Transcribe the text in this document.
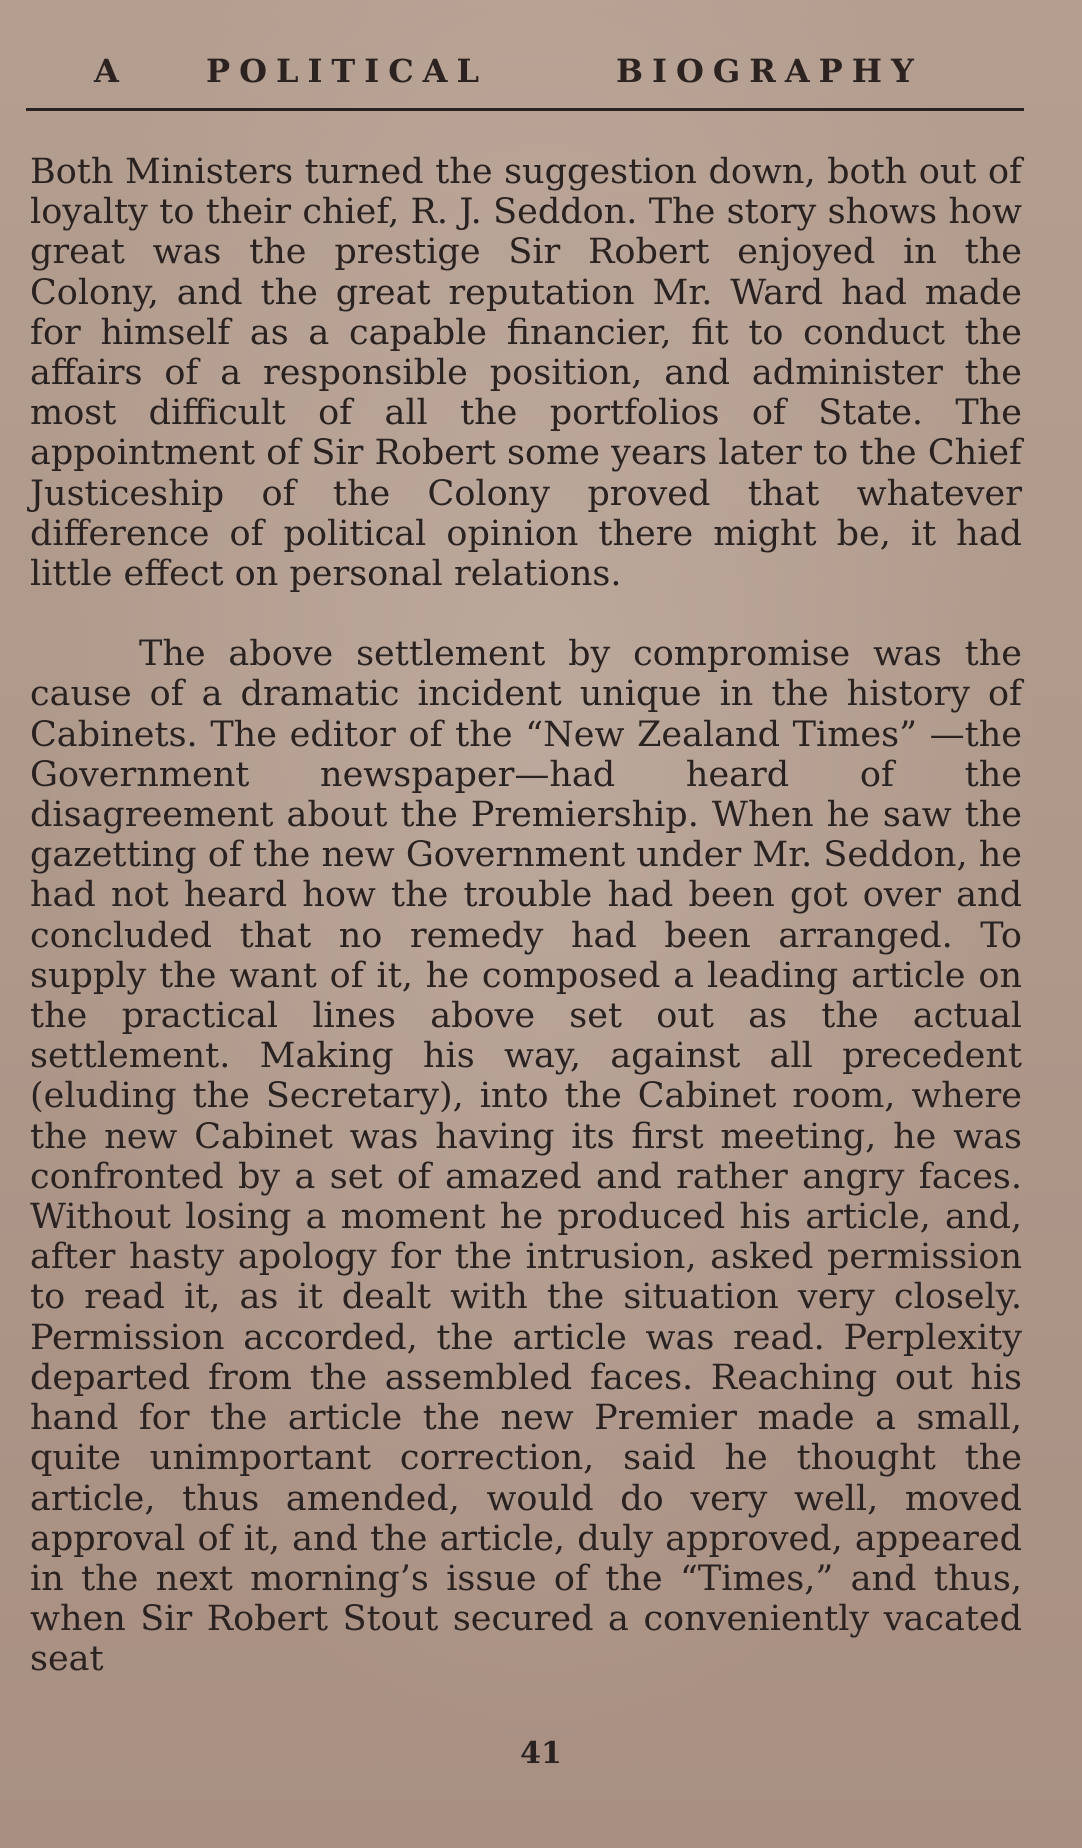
A POLITICAL	BIOGRAPHY

Both Ministers turned the suggestion down, both out of loyalty to their chief, R. J. Seddon. The story shows how great was the prestige Sir Robert enjoyed in the Colony, and the great reputation Mr. Ward had made for himself as a capable financier, fit to conduct the affairs of a responsible position, and administer the most difficult of all the portfolios of State. The appointment of Sir Robert some years later to the Chief Justiceship of the Colony proved that whatever difference of political opinion there might be, it had little effect on personal relations.

The above settlement by compromise was the cause of a dramatic incident unique in the history of Cabinets. The editor of the “New Zealand Times” —the Government newspaper—had heard of the disagreement about the Premiership. When he saw the gazetting of the new Government under Mr. Seddon, he had not heard how the trouble had been got over and concluded that no remedy had been arranged. To supply the want of it, he composed a leading article on the practical lines above set out as the actual settlement. Making his way, against all precedent (eluding the Secretary), into the Cabinet room, where the new Cabinet was having its first meeting, he was confronted by a set of amazed and rather angry faces. Without losing a moment he produced his article, and, after hasty apology for the intrusion, asked permission to read it, as it dealt with the situation very closely. Permission accorded, the article was read. Perplexity departed from the assembled faces. Reaching out his hand for the article the new Premier made a small, quite unimportant correction, said he thought the article, thus amended, would do very well, moved approval of it, and the article, duly approved, appeared in the next morning’s issue of the “Times,” and thus, when Sir Robert Stout secured a conveniently vacated seat

41
